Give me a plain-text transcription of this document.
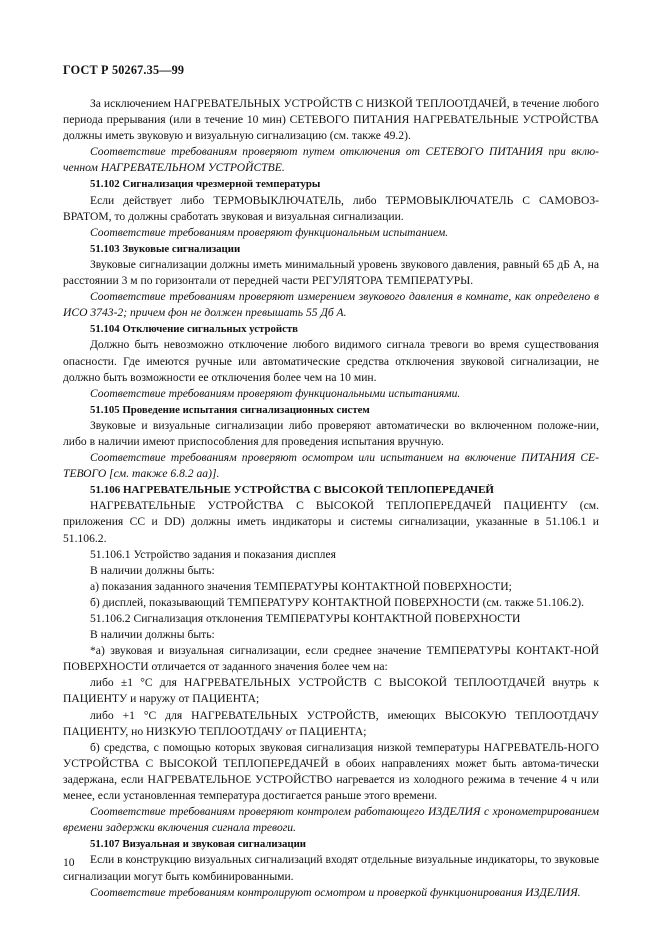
ГОСТ Р 50267.35—99

За исключением НАГРЕВАТЕЛЬНЫХ УСТРОЙСТВ С НИЗКОЙ ТЕПЛООТДАЧЕЙ, в течение любого периода прерывания (или в течение 10 мин) СЕТЕВОГО ПИТАНИЯ НАГРЕВАТЕЛЬНЫЕ УСТРОЙСТВА должны иметь звуковую и визуальную сигнализацию (см. также 49.2).

Соответствие требованиям проверяют путем отключения от СЕТЕВОГО ПИТАНИЯ при вклю-ченном НАГРЕВАТЕЛЬНОМ УСТРОЙСТВЕ.

51.102 Сигнализация чрезмерной температуры

Если действует либо ТЕРМОВЫКЛЮЧАТЕЛЬ, либо ТЕРМОВЫКЛЮЧАТЕЛЬ С САМОВОЗ-ВРАТОМ, то должны сработать звуковая и визуальная сигнализации.

Соответствие требованиям проверяют функциональным испытанием.

51.103 Звуковые сигнализации

Звуковые сигнализации должны иметь минимальный уровень звукового давления, равный 65 дБ А, на расстоянии 3 м по горизонтали от передней части РЕГУЛЯТОРА ТЕМПЕРАТУРЫ.

Соответствие требованиям проверяют измерением звукового давления в комнате, как определено в ИСО 3743-2; причем фон не должен превышать 55 Дб А.

51.104 Отключение сигнальных устройств

Должно быть невозможно отключение любого видимого сигнала тревоги во время существования опасности. Где имеются ручные или автоматические средства отключения звуковой сигнализации, не должно быть возможности ее отключения более чем на 10 мин.

Соответствие требованиям проверяют функциональными испытаниями.

51.105 Проведение испытания сигнализационных систем

Звуковые и визуальные сигнализации либо проверяют автоматически во включенном положе-нии, либо в наличии имеют приспособления для проведения испытания вручную.

Соответствие требованиям проверяют осмотром или испытанием на включение ПИТАНИЯ СЕ-ТЕВОГО [см. также 6.8.2 аа)].

51.106 НАГРЕВАТЕЛЬНЫЕ УСТРОЙСТВА С ВЫСОКОЙ ТЕПЛОПЕРЕДАЧЕЙ

НАГРЕВАТЕЛЬНЫЕ УСТРОЙСТВА С ВЫСОКОЙ ТЕПЛОПЕРЕДАЧЕЙ ПАЦИЕНТУ (см. приложения СС и DD) должны иметь индикаторы и системы сигнализации, указанные в 51.106.1 и 51.106.2.

51.106.1 Устройство задания и показания дисплея

В наличии должны быть:

а) показания заданного значения ТЕМПЕРАТУРЫ КОНТАКТНОЙ ПОВЕРХНОСТИ;

б) дисплей, показывающий ТЕМПЕРАТУРУ КОНТАКТНОЙ ПОВЕРХНОСТИ (см. также 51.106.2).

51.106.2 Сигнализация отклонения ТЕМПЕРАТУРЫ КОНТАКТНОЙ ПОВЕРХНОСТИ

В наличии должны быть:

*а) звуковая и визуальная сигнализации, если среднее значение ТЕМПЕРАТУРЫ КОНТАКТ-НОЙ ПОВЕРХНОСТИ отличается от заданного значения более чем на:

либо ±1 °С для НАГРЕВАТЕЛЬНЫХ УСТРОЙСТВ С ВЫСОКОЙ ТЕПЛООТДАЧЕЙ внутрь к ПАЦИЕНТУ и наружу от ПАЦИЕНТА;

либо +1 °С для НАГРЕВАТЕЛЬНЫХ УСТРОЙСТВ, имеющих ВЫСОКУЮ ТЕПЛООТДАЧУ ПАЦИЕНТУ, но НИЗКУЮ ТЕПЛООТДАЧУ от ПАЦИЕНТА;

б) средства, с помощью которых звуковая сигнализация низкой температуры НАГРЕВАТЕЛЬ-НОГО УСТРОЙСТВА С ВЫСОКОЙ ТЕПЛОПЕРЕДАЧЕЙ в обоих направлениях может быть автома-тически задержана, если НАГРЕВАТЕЛЬНОЕ УСТРОЙСТВО нагревается из холодного режима в течение 4 ч или менее, если установленная температура достигается раньше этого времени.

Соответствие требованиям проверяют контролем работающего ИЗДЕЛИЯ с хронометрированием времени задержки включения сигнала тревоги.

51.107 Визуальная и звуковая сигнализации

Если в конструкцию визуальных сигнализаций входят отдельные визуальные индикаторы, то звуковые сигнализации могут быть комбинированными.

Соответствие требованиям контролируют осмотром и проверкой функционирования ИЗДЕЛИЯ.

10
